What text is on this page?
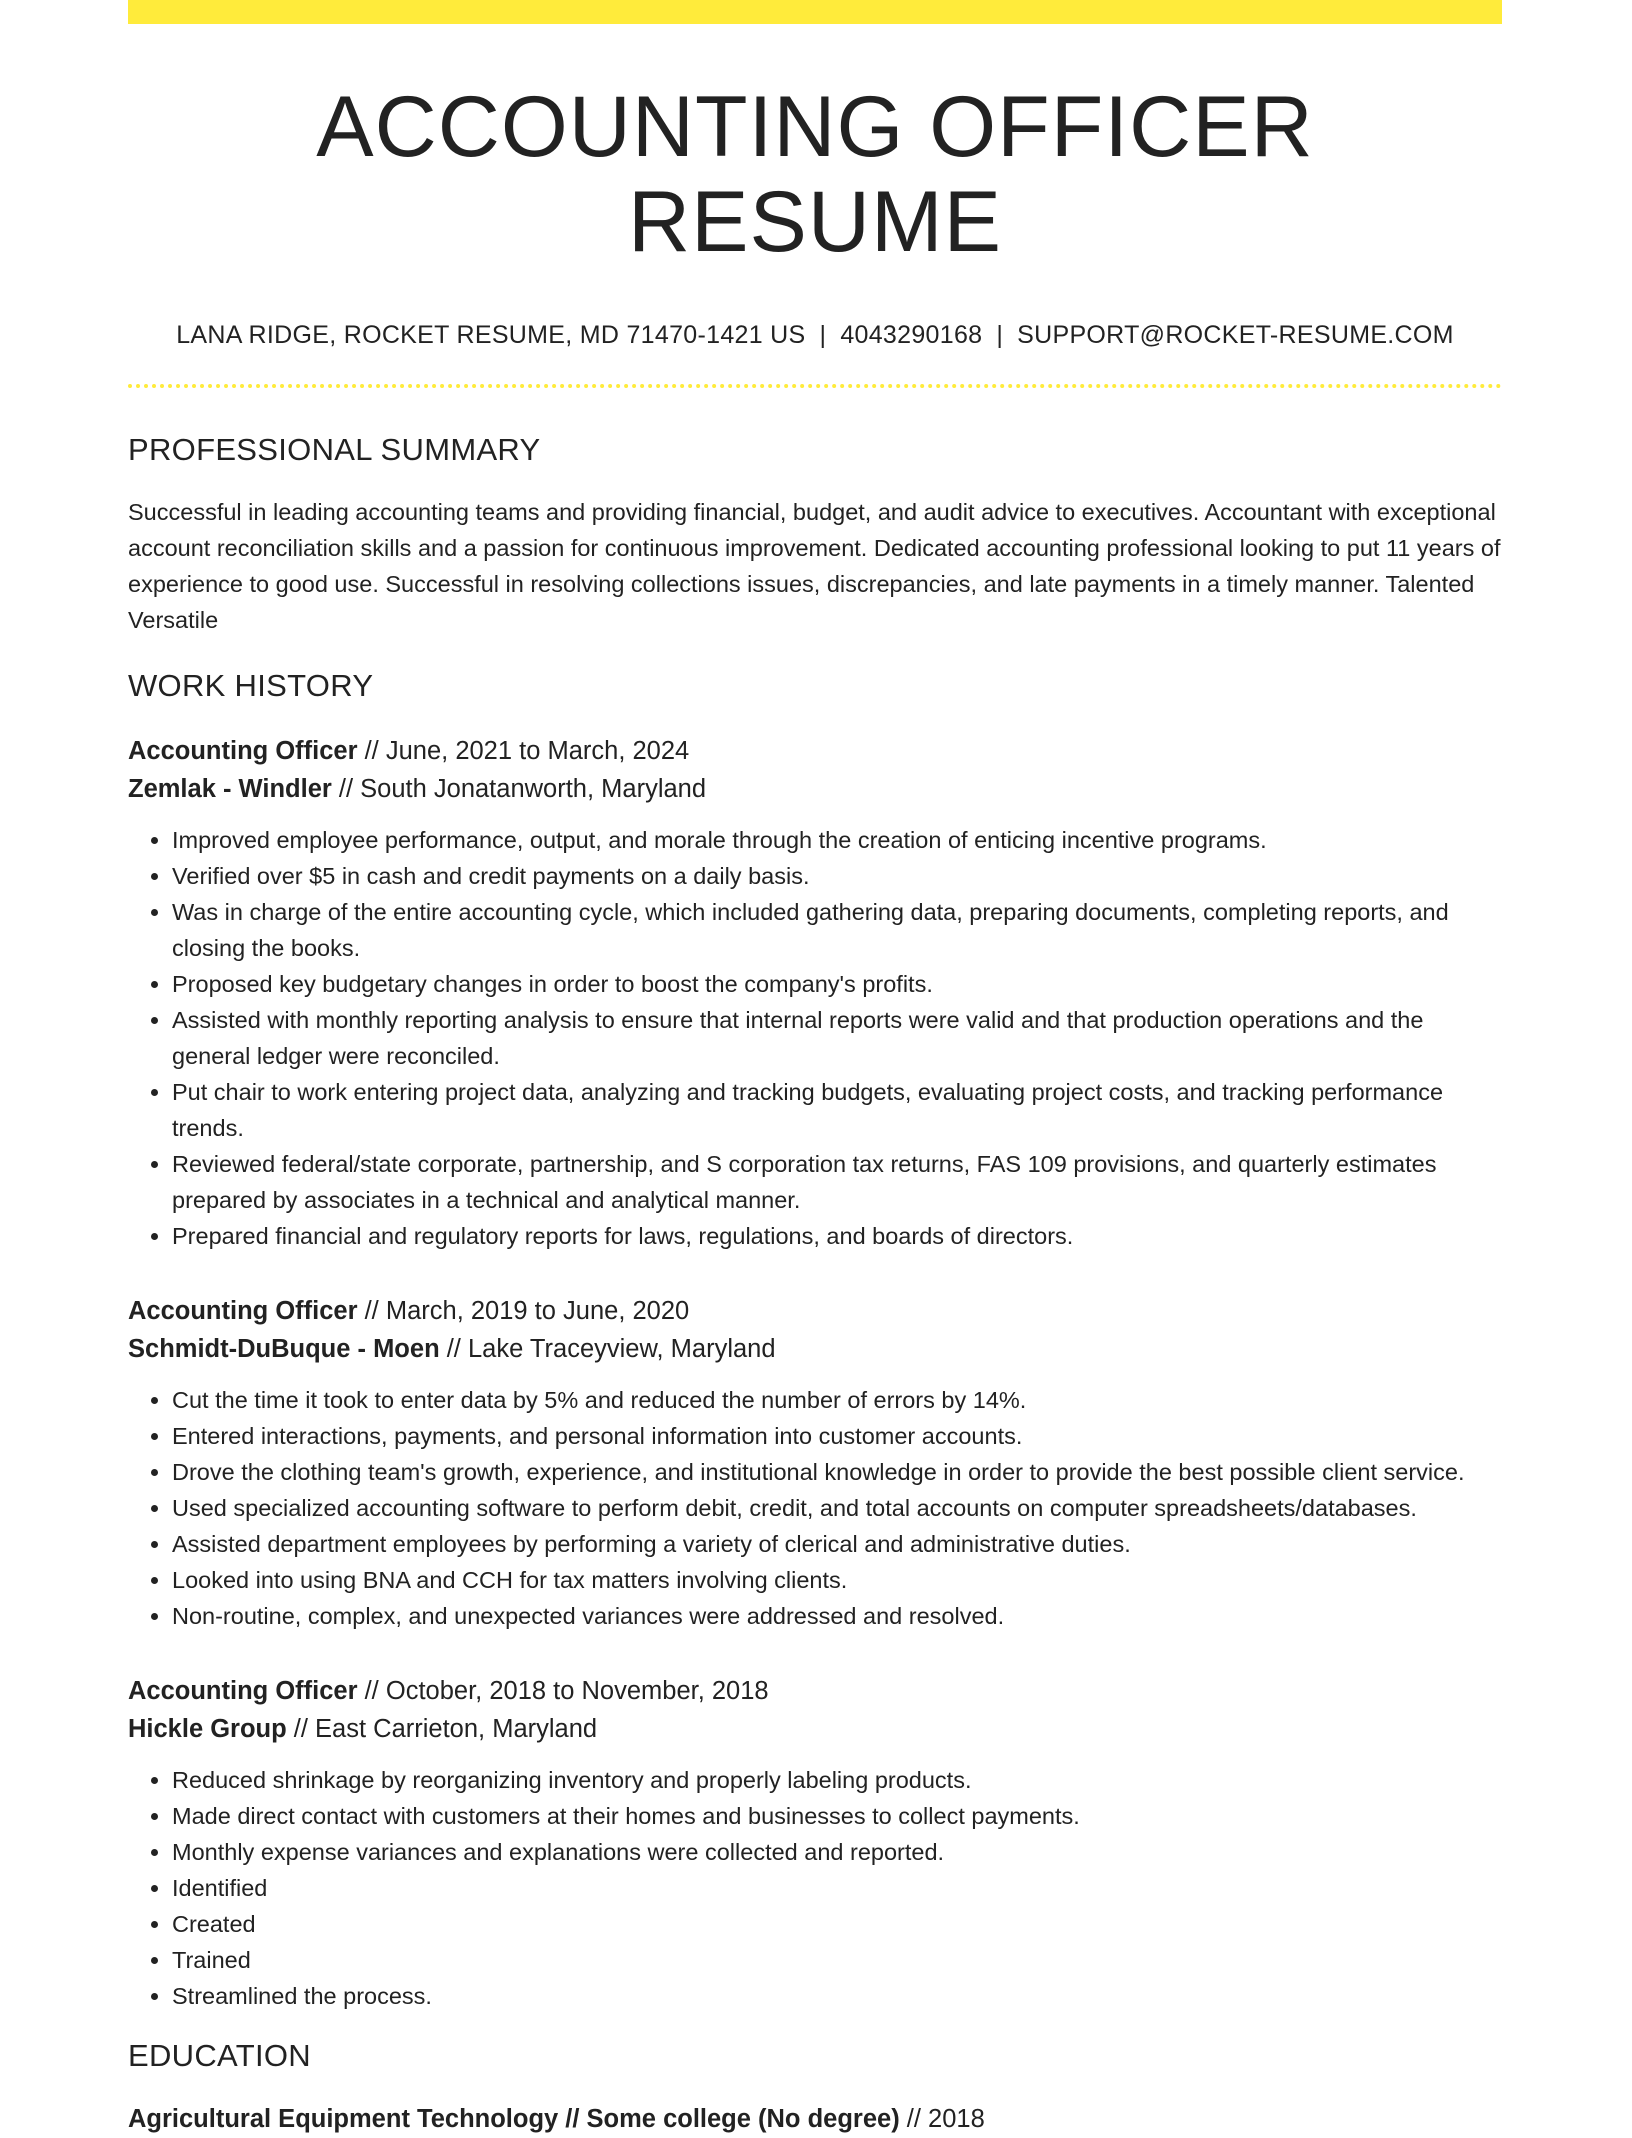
ACCOUNTING OFFICER RESUME
LANA RIDGE, ROCKET RESUME, MD 71470-1421 US | 4043290168 | SUPPORT@ROCKET-RESUME.COM
PROFESSIONAL SUMMARY

Successful in leading accounting teams and providing financial, budget, and audit advice to executives. Accountant with exceptional account reconciliation skills and a passion for continuous improvement. Dedicated accounting professional looking to put 11 years of experience to good use. Successful in resolving collections issues, discrepancies, and late payments in a timely manner. Talented Versatile

WORK HISTORY
Accounting Officer // June, 2021 to March, 2024
Zemlak - Windler // South Jonatanworth, Maryland
• Improved employee performance, output, and morale through the creation of enticing incentive programs.
• Verified over $5 in cash and credit payments on a daily basis.
• Was in charge of the entire accounting cycle, which included gathering data, preparing documents, completing reports, and closing the books.
• Proposed key budgetary changes in order to boost the company's profits.
• Assisted with monthly reporting analysis to ensure that internal reports were valid and that production operations and the general ledger were reconciled.
• Put chair to work entering project data, analyzing and tracking budgets, evaluating project costs, and tracking performance trends.
• Reviewed federal/state corporate, partnership, and S corporation tax returns, FAS 109 provisions, and quarterly estimates prepared by associates in a technical and analytical manner.
• Prepared financial and regulatory reports for laws, regulations, and boards of directors.
Accounting Officer // March, 2019 to June, 2020
Schmidt-DuBuque - Moen // Lake Traceyview, Maryland
• Cut the time it took to enter data by 5% and reduced the number of errors by 14%.
• Entered interactions, payments, and personal information into customer accounts.
• Drove the clothing team's growth, experience, and institutional knowledge in order to provide the best possible client service.
• Used specialized accounting software to perform debit, credit, and total accounts on computer spreadsheets/databases.
• Assisted department employees by performing a variety of clerical and administrative duties.
• Looked into using BNA and CCH for tax matters involving clients.
• Non-routine, complex, and unexpected variances were addressed and resolved.
Accounting Officer // October, 2018 to November, 2018
Hickle Group // East Carrieton, Maryland
• Reduced shrinkage by reorganizing inventory and properly labeling products.
• Made direct contact with customers at their homes and businesses to collect payments.
• Monthly expense variances and explanations were collected and reported.
• Identified
• Created
• Trained
• Streamlined the process.
EDUCATION
Agricultural Equipment Technology // Some college (No degree) // 2018
